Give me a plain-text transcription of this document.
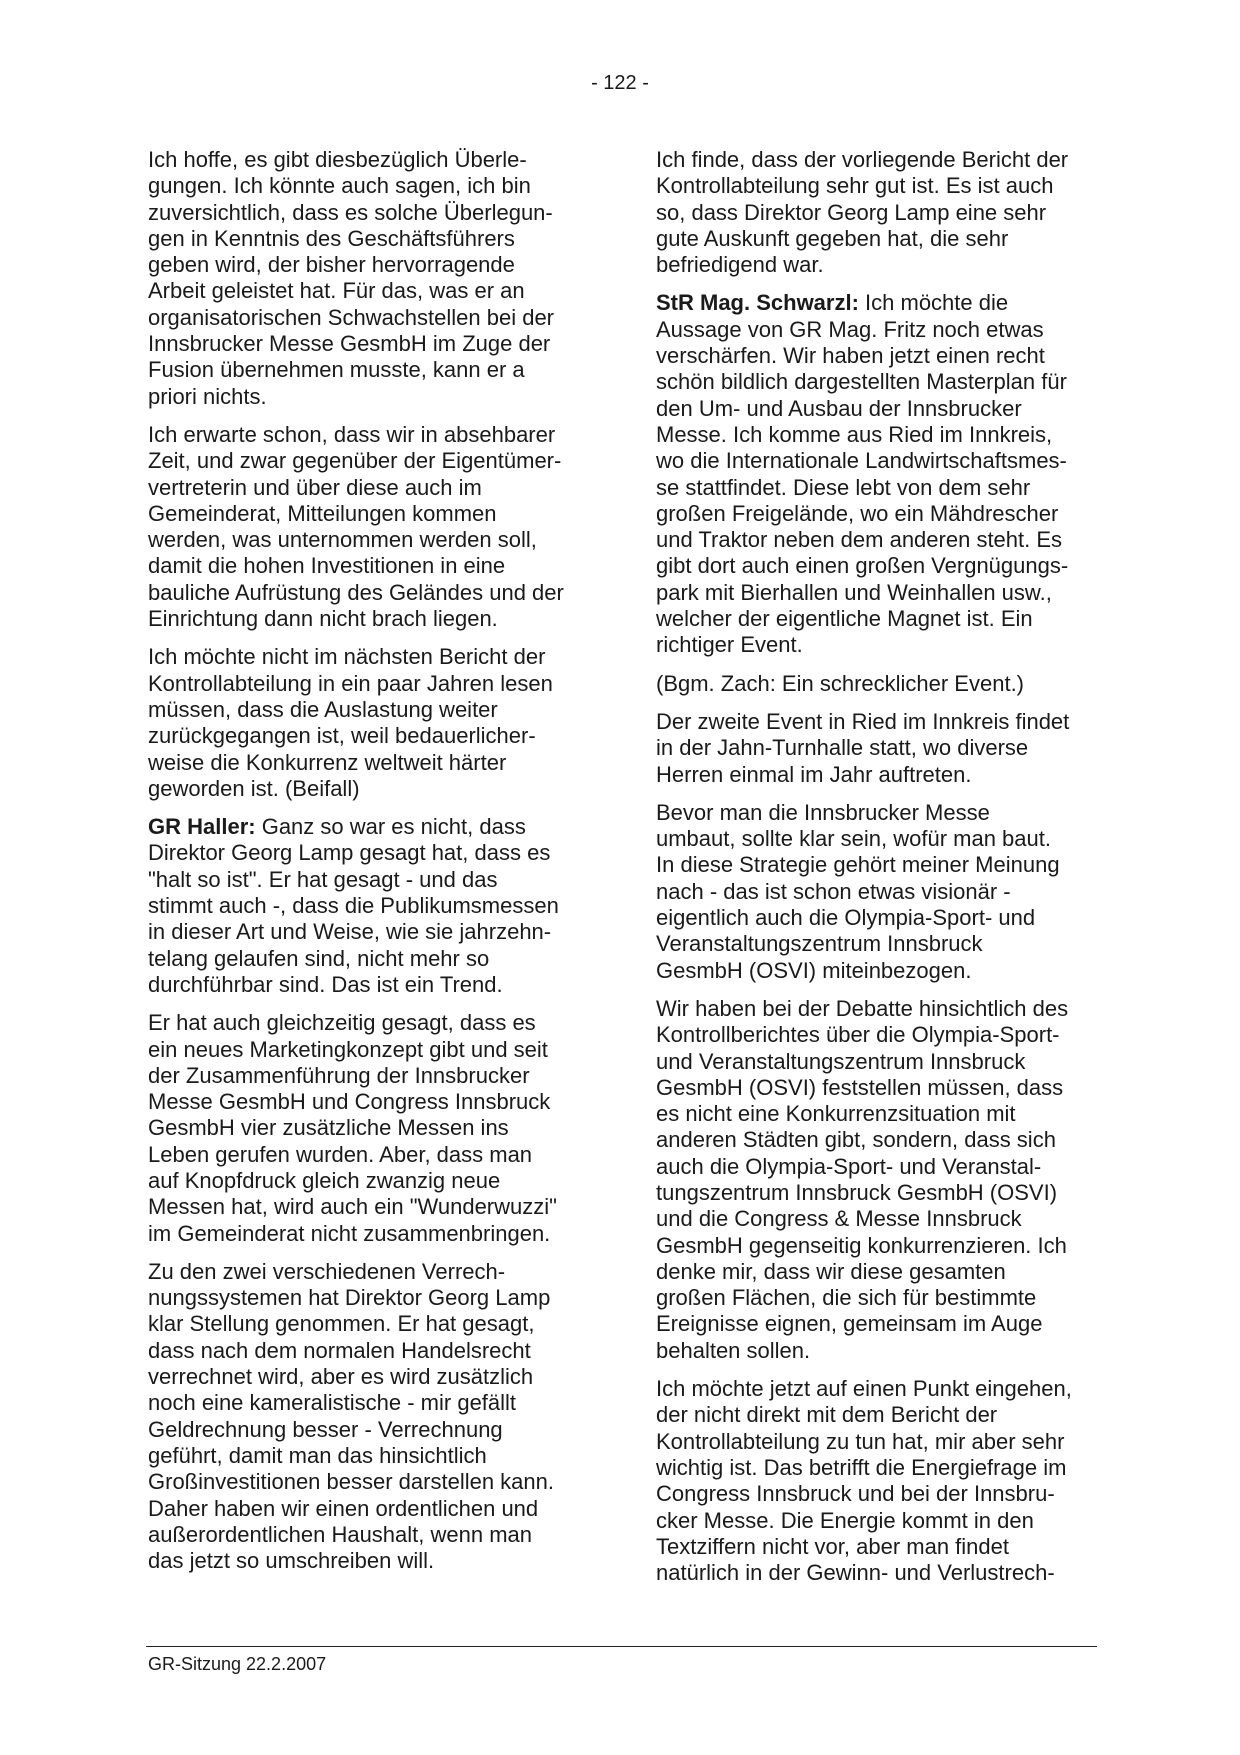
- 122 -

Ich hoffe, es gibt diesbezüglich Überle-
gungen. Ich könnte auch sagen, ich bin
zuversichtlich, dass es solche Überlegun-
gen in Kenntnis des Geschäftsführers
geben wird, der bisher hervorragende
Arbeit geleistet hat. Für das, was er an
organisatorischen Schwachstellen bei der
Innsbrucker Messe GesmbH im Zuge der
Fusion übernehmen musste, kann er a
priori nichts.

Ich erwarte schon, dass wir in absehbarer
Zeit, und zwar gegenüber der Eigentümer-
vertreterin und über diese auch im
Gemeinderat, Mitteilungen kommen
werden, was unternommen werden soll,
damit die hohen Investitionen in eine
bauliche Aufrüstung des Geländes und der
Einrichtung dann nicht brach liegen.

Ich möchte nicht im nächsten Bericht der
Kontrollabteilung in ein paar Jahren lesen
müssen, dass die Auslastung weiter
zurückgegangen ist, weil bedauerlicher-
weise die Konkurrenz weltweit härter
geworden ist. (Beifall)

GR Haller: Ganz so war es nicht, dass
Direktor Georg Lamp gesagt hat, dass es
"halt so ist". Er hat gesagt - und das
stimmt auch -, dass die Publikumsmessen
in dieser Art und Weise, wie sie jahrzehn-
telang gelaufen sind, nicht mehr so
durchführbar sind. Das ist ein Trend.

Er hat auch gleichzeitig gesagt, dass es
ein neues Marketingkonzept gibt und seit
der Zusammenführung der Innsbrucker
Messe GesmbH und Congress Innsbruck
GesmbH vier zusätzliche Messen ins
Leben gerufen wurden. Aber, dass man
auf Knopfdruck gleich zwanzig neue
Messen hat, wird auch ein "Wunderwuzzi"
im Gemeinderat nicht zusammenbringen.

Zu den zwei verschiedenen Verrech-
nungssystemen hat Direktor Georg Lamp
klar Stellung genommen. Er hat gesagt,
dass nach dem normalen Handelsrecht
verrechnet wird, aber es wird zusätzlich
noch eine kameralistische - mir gefällt
Geldrechnung besser - Verrechnung
geführt, damit man das hinsichtlich
Großinvestitionen besser darstellen kann.
Daher haben wir einen ordentlichen und
außerordentlichen Haushalt, wenn man
das jetzt so umschreiben will.

Ich finde, dass der vorliegende Bericht der
Kontrollabteilung sehr gut ist. Es ist auch
so, dass Direktor Georg Lamp eine sehr
gute Auskunft gegeben hat, die sehr
befriedigend war.

StR Mag. Schwarzl: Ich möchte die
Aussage von GR Mag. Fritz noch etwas
verschärfen. Wir haben jetzt einen recht
schön bildlich dargestellten Masterplan für
den Um- und Ausbau der Innsbrucker
Messe. Ich komme aus Ried im Innkreis,
wo die Internationale Landwirtschaftsmes-
se stattfindet. Diese lebt von dem sehr
großen Freigelände, wo ein Mähdrescher
und Traktor neben dem anderen steht. Es
gibt dort auch einen großen Vergnügungs-
park mit Bierhallen und Weinhallen usw.,
welcher der eigentliche Magnet ist. Ein
richtiger Event.

(Bgm. Zach: Ein schrecklicher Event.)

Der zweite Event in Ried im Innkreis findet
in der Jahn-Turnhalle statt, wo diverse
Herren einmal im Jahr auftreten.

Bevor man die Innsbrucker Messe
umbaut, sollte klar sein, wofür man baut.
In diese Strategie gehört meiner Meinung
nach - das ist schon etwas visionär -
eigentlich auch die Olympia-Sport- und
Veranstaltungszentrum Innsbruck
GesmbH (OSVI) miteinbezogen.

Wir haben bei der Debatte hinsichtlich des
Kontrollberichtes über die Olympia-Sport-
und Veranstaltungszentrum Innsbruck
GesmbH (OSVI) feststellen müssen, dass
es nicht eine Konkurrenzsituation mit
anderen Städten gibt, sondern, dass sich
auch die Olympia-Sport- und Veranstal-
tungszentrum Innsbruck GesmbH (OSVI)
und die Congress & Messe Innsbruck
GesmbH gegenseitig konkurrenzieren. Ich
denke mir, dass wir diese gesamten
großen Flächen, die sich für bestimmte
Ereignisse eignen, gemeinsam im Auge
behalten sollen.

Ich möchte jetzt auf einen Punkt eingehen,
der nicht direkt mit dem Bericht der
Kontrollabteilung zu tun hat, mir aber sehr
wichtig ist. Das betrifft die Energiefrage im
Congress Innsbruck und bei der Innsbru-
cker Messe. Die Energie kommt in den
Textziffern nicht vor, aber man findet
natürlich in der Gewinn- und Verlustrech-

GR-Sitzung 22.2.2007
